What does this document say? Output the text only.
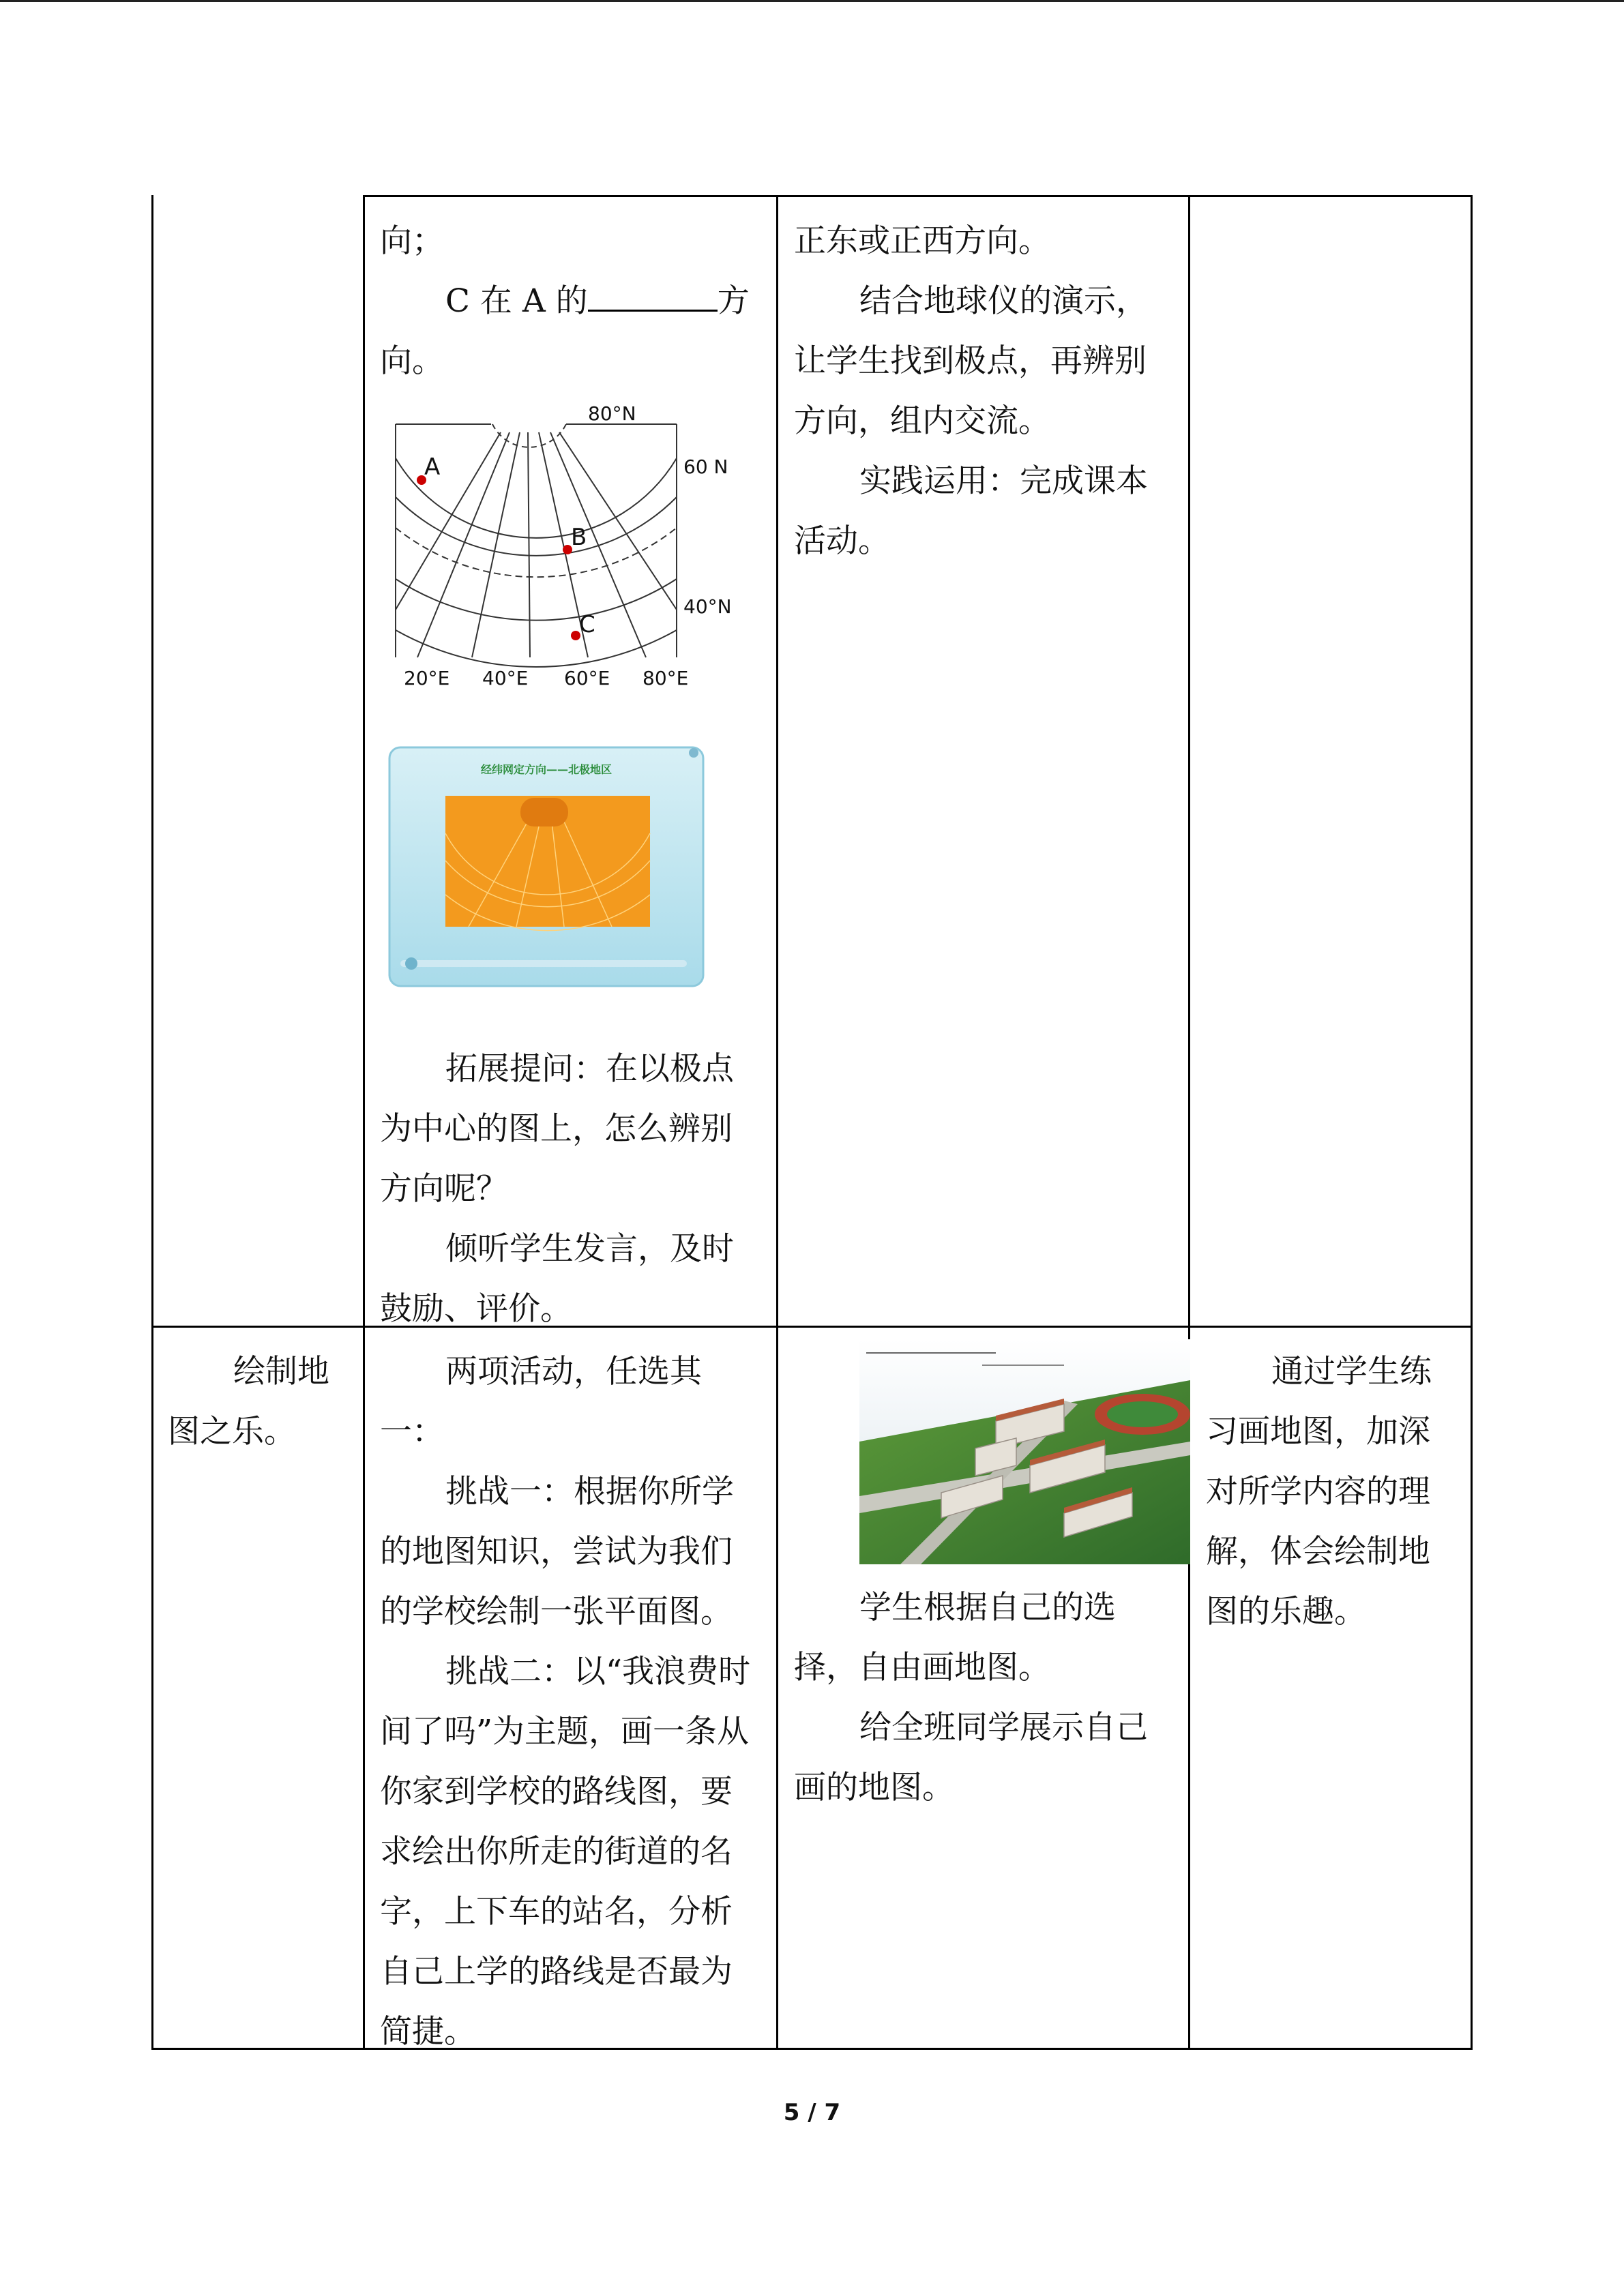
向；

C 在 A 的	方

向。

A
B
C
80°N
60 N
40°N
20°E 40°E 60°E 80°E
经纬网定方向——北极地区

拓展提问：在以极点为中心的图上，怎么辨别方向呢？

倾听学生发言，及时鼓励、评价。

正东或正西方向。

结合地球仪的演示，让学生找到极点，再辨别方向，组内交流。

实践运用：完成课本活动。

绘制地图之乐。

两项活动，任选其一：

挑战一：根据你所学的地图知识，尝试为我们的学校绘制一张平面图。

挑战二：以“我浪费时间了吗”为主题，画一条从你家到学校的路线图，要求绘出你所走的街道的名字，上下车的站名，分析自己上学的路线是否最为简捷。

学生根据自己的选择，自由画地图。

给全班同学展示自己画的地图。

通过学生练习画地图，加深对所学内容的理解，体会绘制地图的乐趣。

5 / 7
